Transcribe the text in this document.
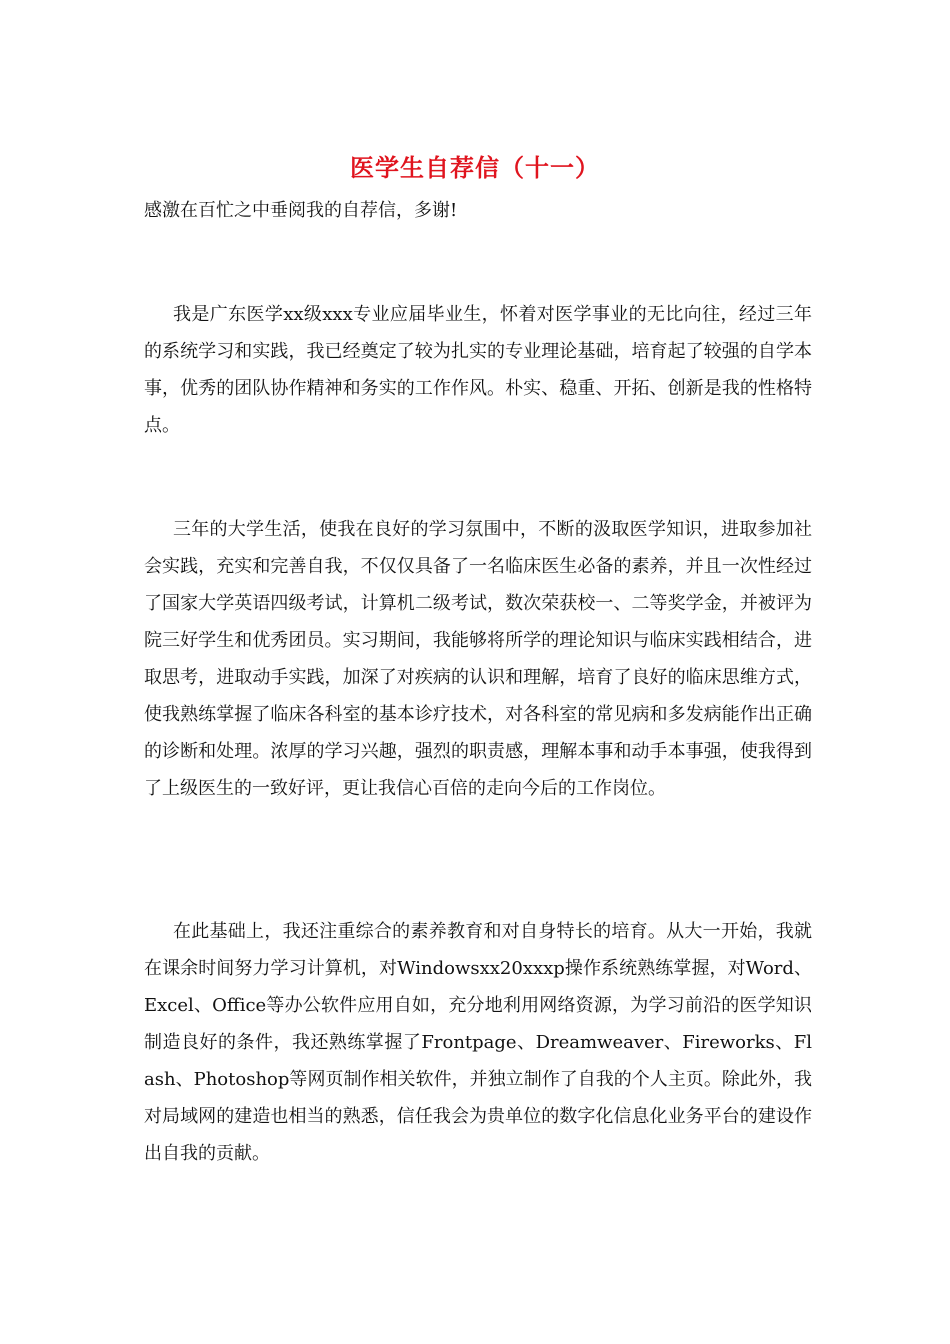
医学生自荐信（十一）
感激在百忙之中垂阅我的自荐信，多谢!

我是广东医学xx级xxx专业应届毕业生，怀着对医学事业的无比向往，经过三年的系统学习和实践，我已经奠定了较为扎实的专业理论基础，培育起了较强的自学本事，优秀的团队协作精神和务实的工作作风。朴实、稳重、开拓、创新是我的性格特点。

三年的大学生活，使我在良好的学习氛围中，不断的汲取医学知识，进取参加社会实践，充实和完善自我，不仅仅具备了一名临床医生必备的素养，并且一次性经过了国家大学英语四级考试，计算机二级考试，数次荣获校一、二等奖学金，并被评为院三好学生和优秀团员。实习期间，我能够将所学的理论知识与临床实践相结合，进取思考，进取动手实践，加深了对疾病的认识和理解，培育了良好的临床思维方式，使我熟练掌握了临床各科室的基本诊疗技术，对各科室的常见病和多发病能作出正确的诊断和处理。浓厚的学习兴趣，强烈的职责感，理解本事和动手本事强，使我得到了上级医生的一致好评，更让我信心百倍的走向今后的工作岗位。

在此基础上，我还注重综合的素养教育和对自身特长的培育。从大一开始，我就在课余时间努力学习计算机，对Windowsxx20xxxp操作系统熟练掌握，对Word、Excel、Office等办公软件应用自如，充分地利用网络资源，为学习前沿的医学知识制造良好的条件，我还熟练掌握了Frontpage、Dreamweaver、Fireworks、Flash、Photoshop等网页制作相关软件，并独立制作了自我的个人主页。除此外，我对局域网的建造也相当的熟悉，信任我会为贵单位的数字化信息化业务平台的建设作出自我的贡献。
